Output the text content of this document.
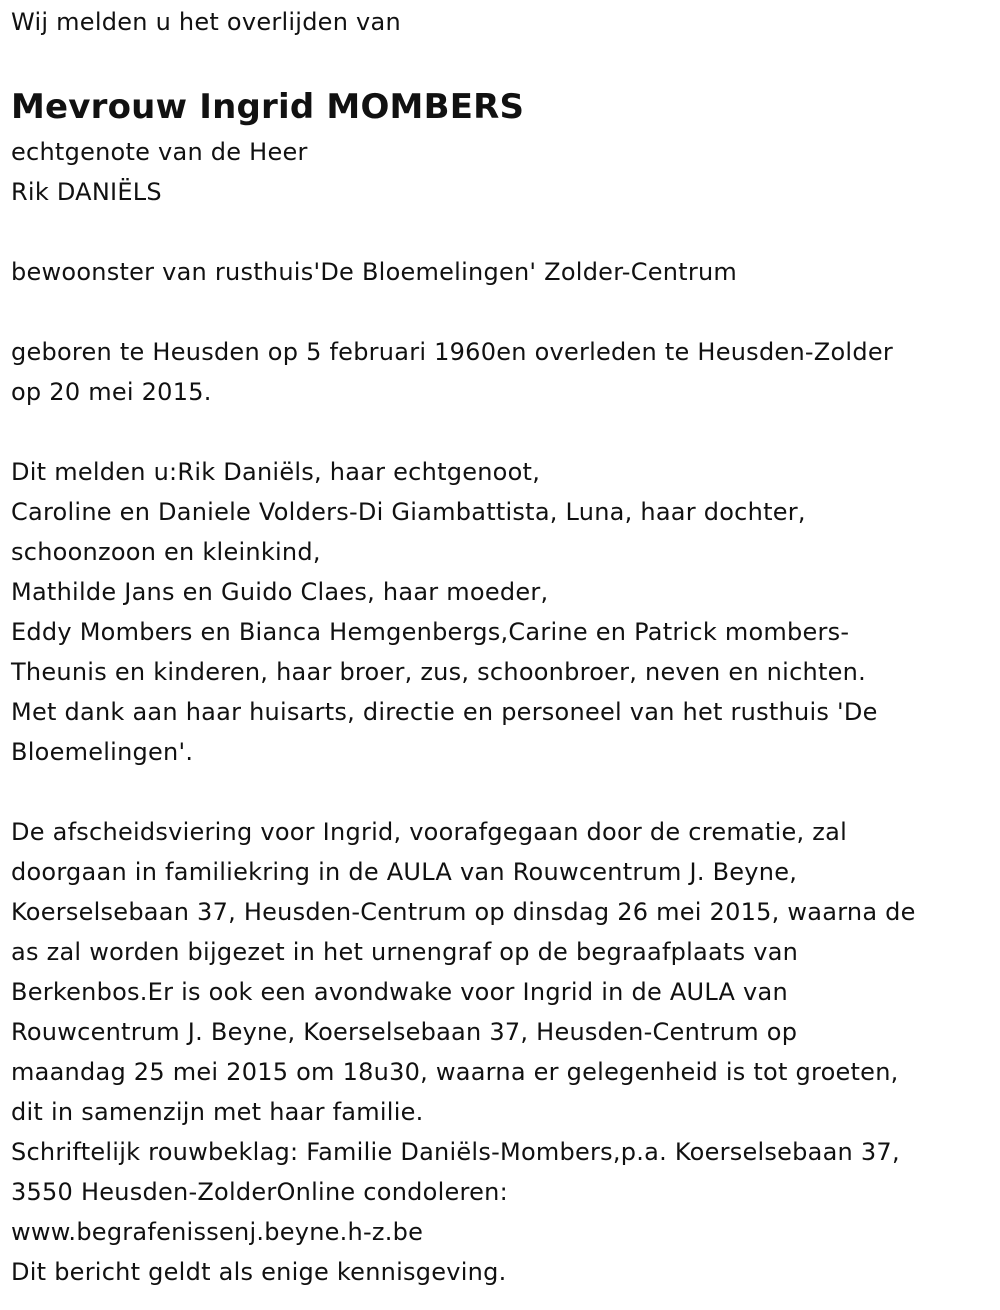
Wij melden u het overlijden van
Mevrouw Ingrid MOMBERS
echtgenote van de Heer
Rik DANIËLS
bewoonster van rusthuis'De Bloemelingen' Zolder-Centrum
geboren te Heusden op 5 februari 1960en overleden te Heusden-Zolder
op 20 mei 2015.
Dit melden u:Rik Daniëls, haar echtgenoot,
Caroline en Daniele Volders-Di Giambattista, Luna, haar dochter,
schoonzoon en kleinkind,
Mathilde Jans en Guido Claes, haar moeder,
Eddy Mombers en Bianca Hemgenbergs,Carine en Patrick mombers-
Theunis en kinderen, haar broer, zus, schoonbroer, neven en nichten.
Met dank aan haar huisarts, directie en personeel van het rusthuis 'De
Bloemelingen'.
De afscheidsviering voor Ingrid, voorafgegaan door de crematie, zal
doorgaan in familiekring in de AULA van Rouwcentrum J. Beyne,
Koerselsebaan 37, Heusden-Centrum op dinsdag 26 mei 2015, waarna de
as zal worden bijgezet in het urnengraf op de begraafplaats van
Berkenbos.Er is ook een avondwake voor Ingrid in de AULA van
Rouwcentrum J. Beyne, Koerselsebaan 37, Heusden-Centrum op
maandag 25 mei 2015 om 18u30, waarna er gelegenheid is tot groeten,
dit in samenzijn met haar familie.
Schriftelijk rouwbeklag: Familie Daniëls-Mombers,p.a. Koerselsebaan 37,
3550 Heusden-ZolderOnline condoleren:
www.begrafenissenj.beyne.h-z.be
Dit bericht geldt als enige kennisgeving.
